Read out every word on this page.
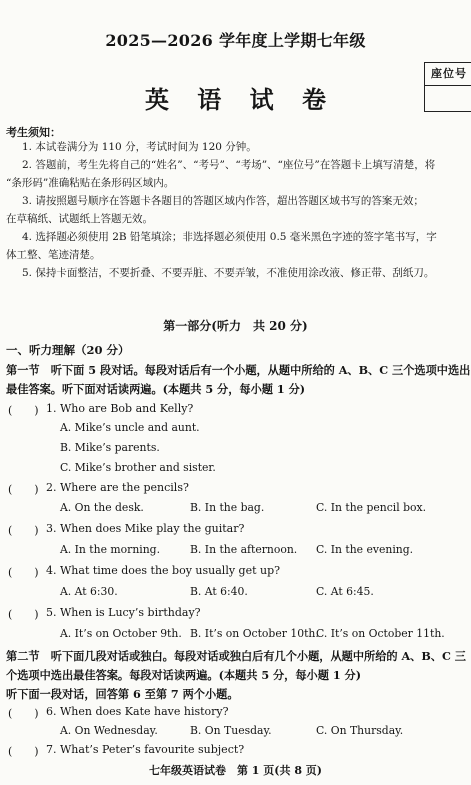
2025—2026 学年度上学期七年级
英 语 试 卷
座位号
考生须知：
1. 本试卷满分为 110 分，考试时间为 120 分钟。
2. 答题前，考生先将自己的“姓名”、“考号”、“考场”、“座位号”在答题卡上填写清楚，将
“条形码”准确粘贴在条形码区域内。
3. 请按照题号顺序在答题卡各题目的答题区域内作答，超出答题区域书写的答案无效；
在草稿纸、试题纸上答题无效。
4. 选择题必须使用 2B 铅笔填涂；非选择题必须使用 0.5 毫米黑色字迹的签字笔书写，字
体工整、笔迹清楚。
5. 保持卡面整洁，不要折叠、不要弄脏、不要弄皱，不准使用涂改液、修正带、刮纸刀。
第一部分(听力　共 20 分)
一、听力理解（20 分）
第一节　听下面 5 段对话。每段对话后有一个小题，从题中所给的 A、B、C 三个选项中选出
最佳答案。听下面对话读两遍。(本题共 5 分，每小题 1 分)
(　　) 1. Who are Bob and Kelly?
A. Mike’s uncle and aunt.
B. Mike’s parents.
C. Mike’s brother and sister.
(　　) 2. Where are the pencils?
A. On the desk.	B. In the bag.	C. In the pencil box.
(　　) 3. When does Mike play the guitar?
A. In the morning.	B. In the afternoon. C. In the evening.
(　　) 4. What time does the boy usually get up?
A. At 6:30.	B. At 6:40.	C. At 6:45.
(　　) 5. When is Lucy’s birthday?
A. It’s on October 9th. B. It’s on October 10th.
C. It’s on October 11th.
第二节　听下面几段对话或独白。每段对话或独白后有几个小题，从题中所给的 A、B、C 三
个选项中选出最佳答案。每段对话读两遍。(本题共 5 分，每小题 1 分)
听下面一段对话，回答第 6 至第 7 两个小题。
(　　) 6. When does Kate have history?
A. On Wednesday.	B. On Tuesday.	C. On Thursday.
(　　) 7. What’s Peter’s favourite subject?
七年级英语试卷　第 1 页(共 8 页)
